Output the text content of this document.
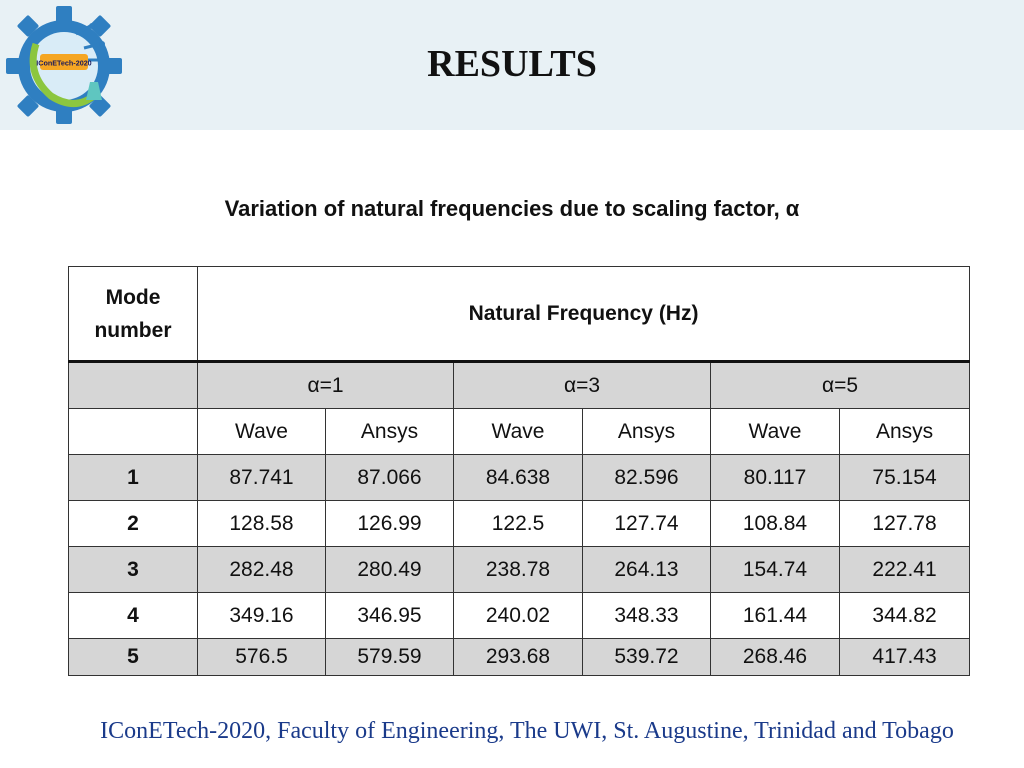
IConETech-2020	RESULTS
Variation of natural frequencies due to scaling factor, α
Mode
number	Natural Frequency (Hz)					
	α=1		α=3		α=5	
	Wave	Ansys	Wave	Ansys	Wave	Ansys
1	87.741	87.066	84.638	82.596	80.117	75.154
2	128.58	126.99	122.5	127.74	108.84	127.78
3	282.48	280.49	238.78	264.13	154.74	222.41
4	349.16	346.95	240.02	348.33	161.44	344.82
5	576.5	579.59	293.68	539.72	268.46	417.43
IConETech-2020, Faculty of Engineering, The UWI, St. Augustine, Trinidad and Tobago
